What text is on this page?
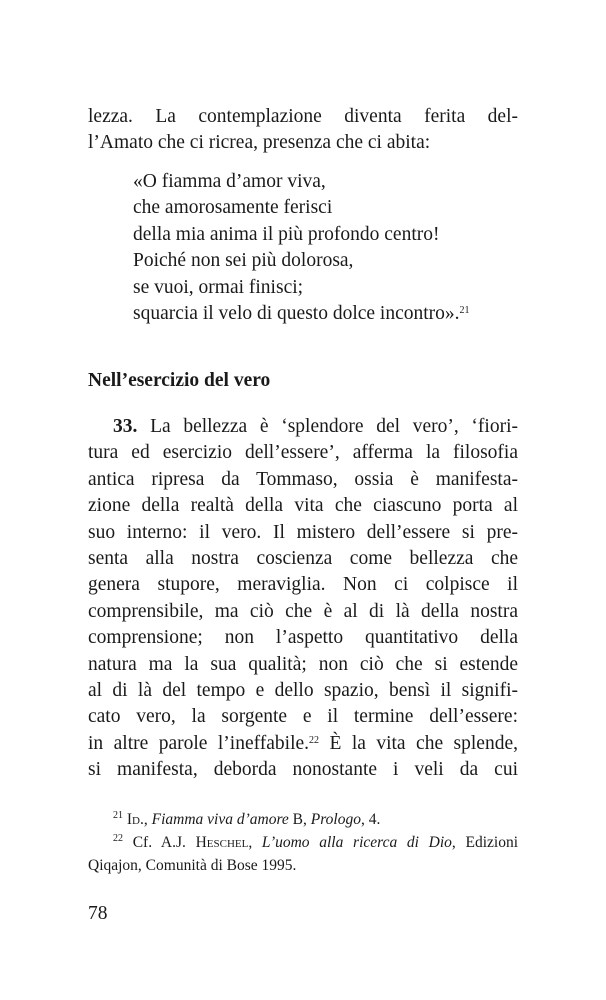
lezza. La contemplazione diventa ferita del-
l’Amato che ci ricrea, presenza che ci abita:
«O fiamma d’amor viva,
che amorosamente ferisci
della mia anima il più profondo centro!
Poiché non sei più dolorosa,
se vuoi, ormai finisci;
squarcia il velo di questo dolce incontro».$^{21}$
Nell’esercizio del vero
33. La bellezza è ‘splendore del vero’, ‘fiori-
tura ed esercizio dell’essere’, afferma la filosofia
antica ripresa da Tommaso, ossia è manifesta-
zione della realtà della vita che ciascuno porta al
suo interno: il vero. Il mistero dell’essere si pre-
senta alla nostra coscienza come bellezza che
genera stupore, meraviglia. Non ci colpisce il
comprensibile, ma ciò che è al di là della nostra
comprensione; non l’aspetto quantitativo della
natura ma la sua qualità; non ciò che si estende
al di là del tempo e dello spazio, bensì il signifi-
cato vero, la sorgente e il termine dell’essere:
in altre parole l’ineffabile.$^{22}$ È la vita che splende,
si manifesta, deborda nonostante i veli da cui
$^{21}$ Id., Fiamma viva d’amore B, Prologo, 4.
$^{22}$ Cf. A.J. Heschel, L’uomo alla ricerca di Dio, Edizioni
Qiqajon, Comunità di Bose 1995.
78
